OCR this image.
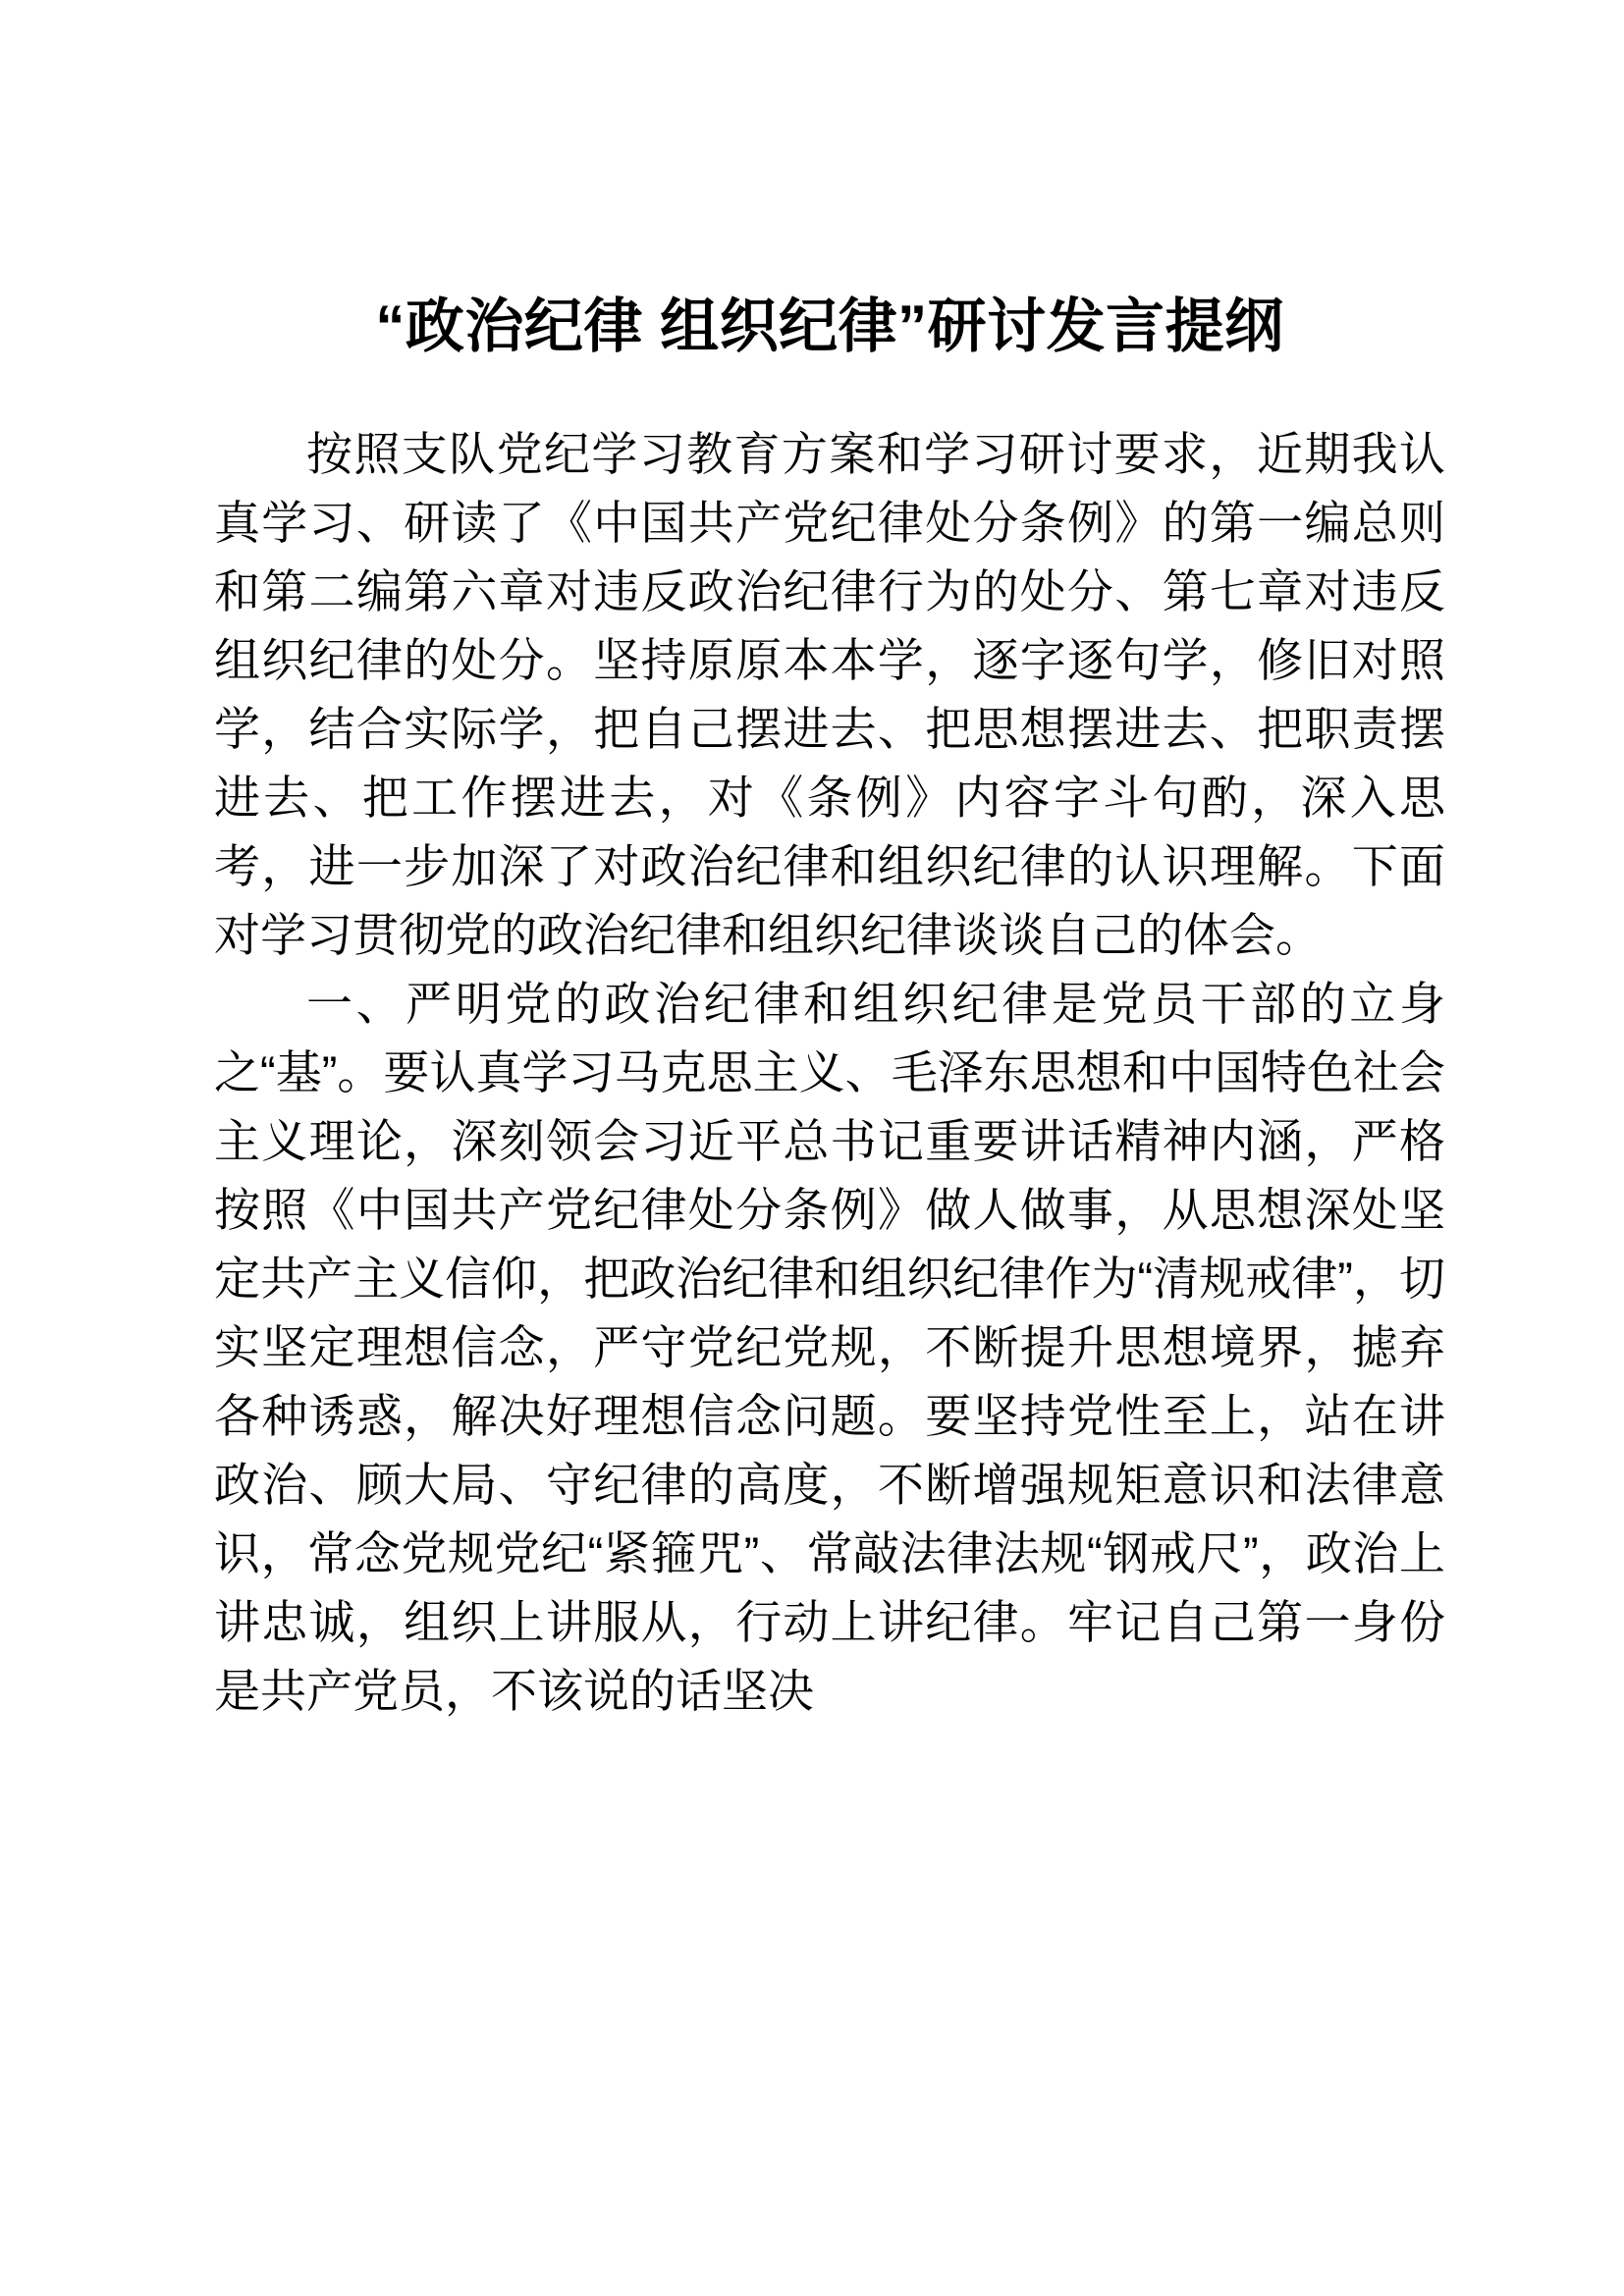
“政治纪律 组织纪律”研讨发言提纲

按照支队党纪学习教育方案和学习研讨要求，近期我认真学习、研读了《中国共产党纪律处分条例》的第一编总则和第二编第六章对违反政治纪律行为的处分、第七章对违反组织纪律的处分。坚持原原本本学，逐字逐句学，修旧对照学，结合实际学，把自己摆进去、把思想摆进去、把职责摆进去、把工作摆进去，对《条例》内容字斗句酌，深入思考，进一步加深了对政治纪律和组织纪律的认识理解。下面对学习贯彻党的政治纪律和组织纪律谈谈自己的体会。

一、严明党的政治纪律和组织纪律是党员干部的立身之“基”。要认真学习马克思主义、毛泽东思想和中国特色社会主义理论，深刻领会习近平总书记重要讲话精神内涵，严格按照《中国共产党纪律处分条例》做人做事，从思想深处坚定共产主义信仰，把政治纪律和组织纪律作为“清规戒律”，切实坚定理想信念，严守党纪党规，不断提升思想境界，摅弃各种诱惑，解决好理想信念问题。要坚持党性至上，站在讲政治、顾大局、守纪律的高度，不断增强规矩意识和法律意识，常念党规党纪“紧箍咒”、常敲法律法规“钢戒尺”，政治上讲忠诚，组织上讲服从，行动上讲纪律。牢记自己第一身份是共产党员，不该说的话坚决
